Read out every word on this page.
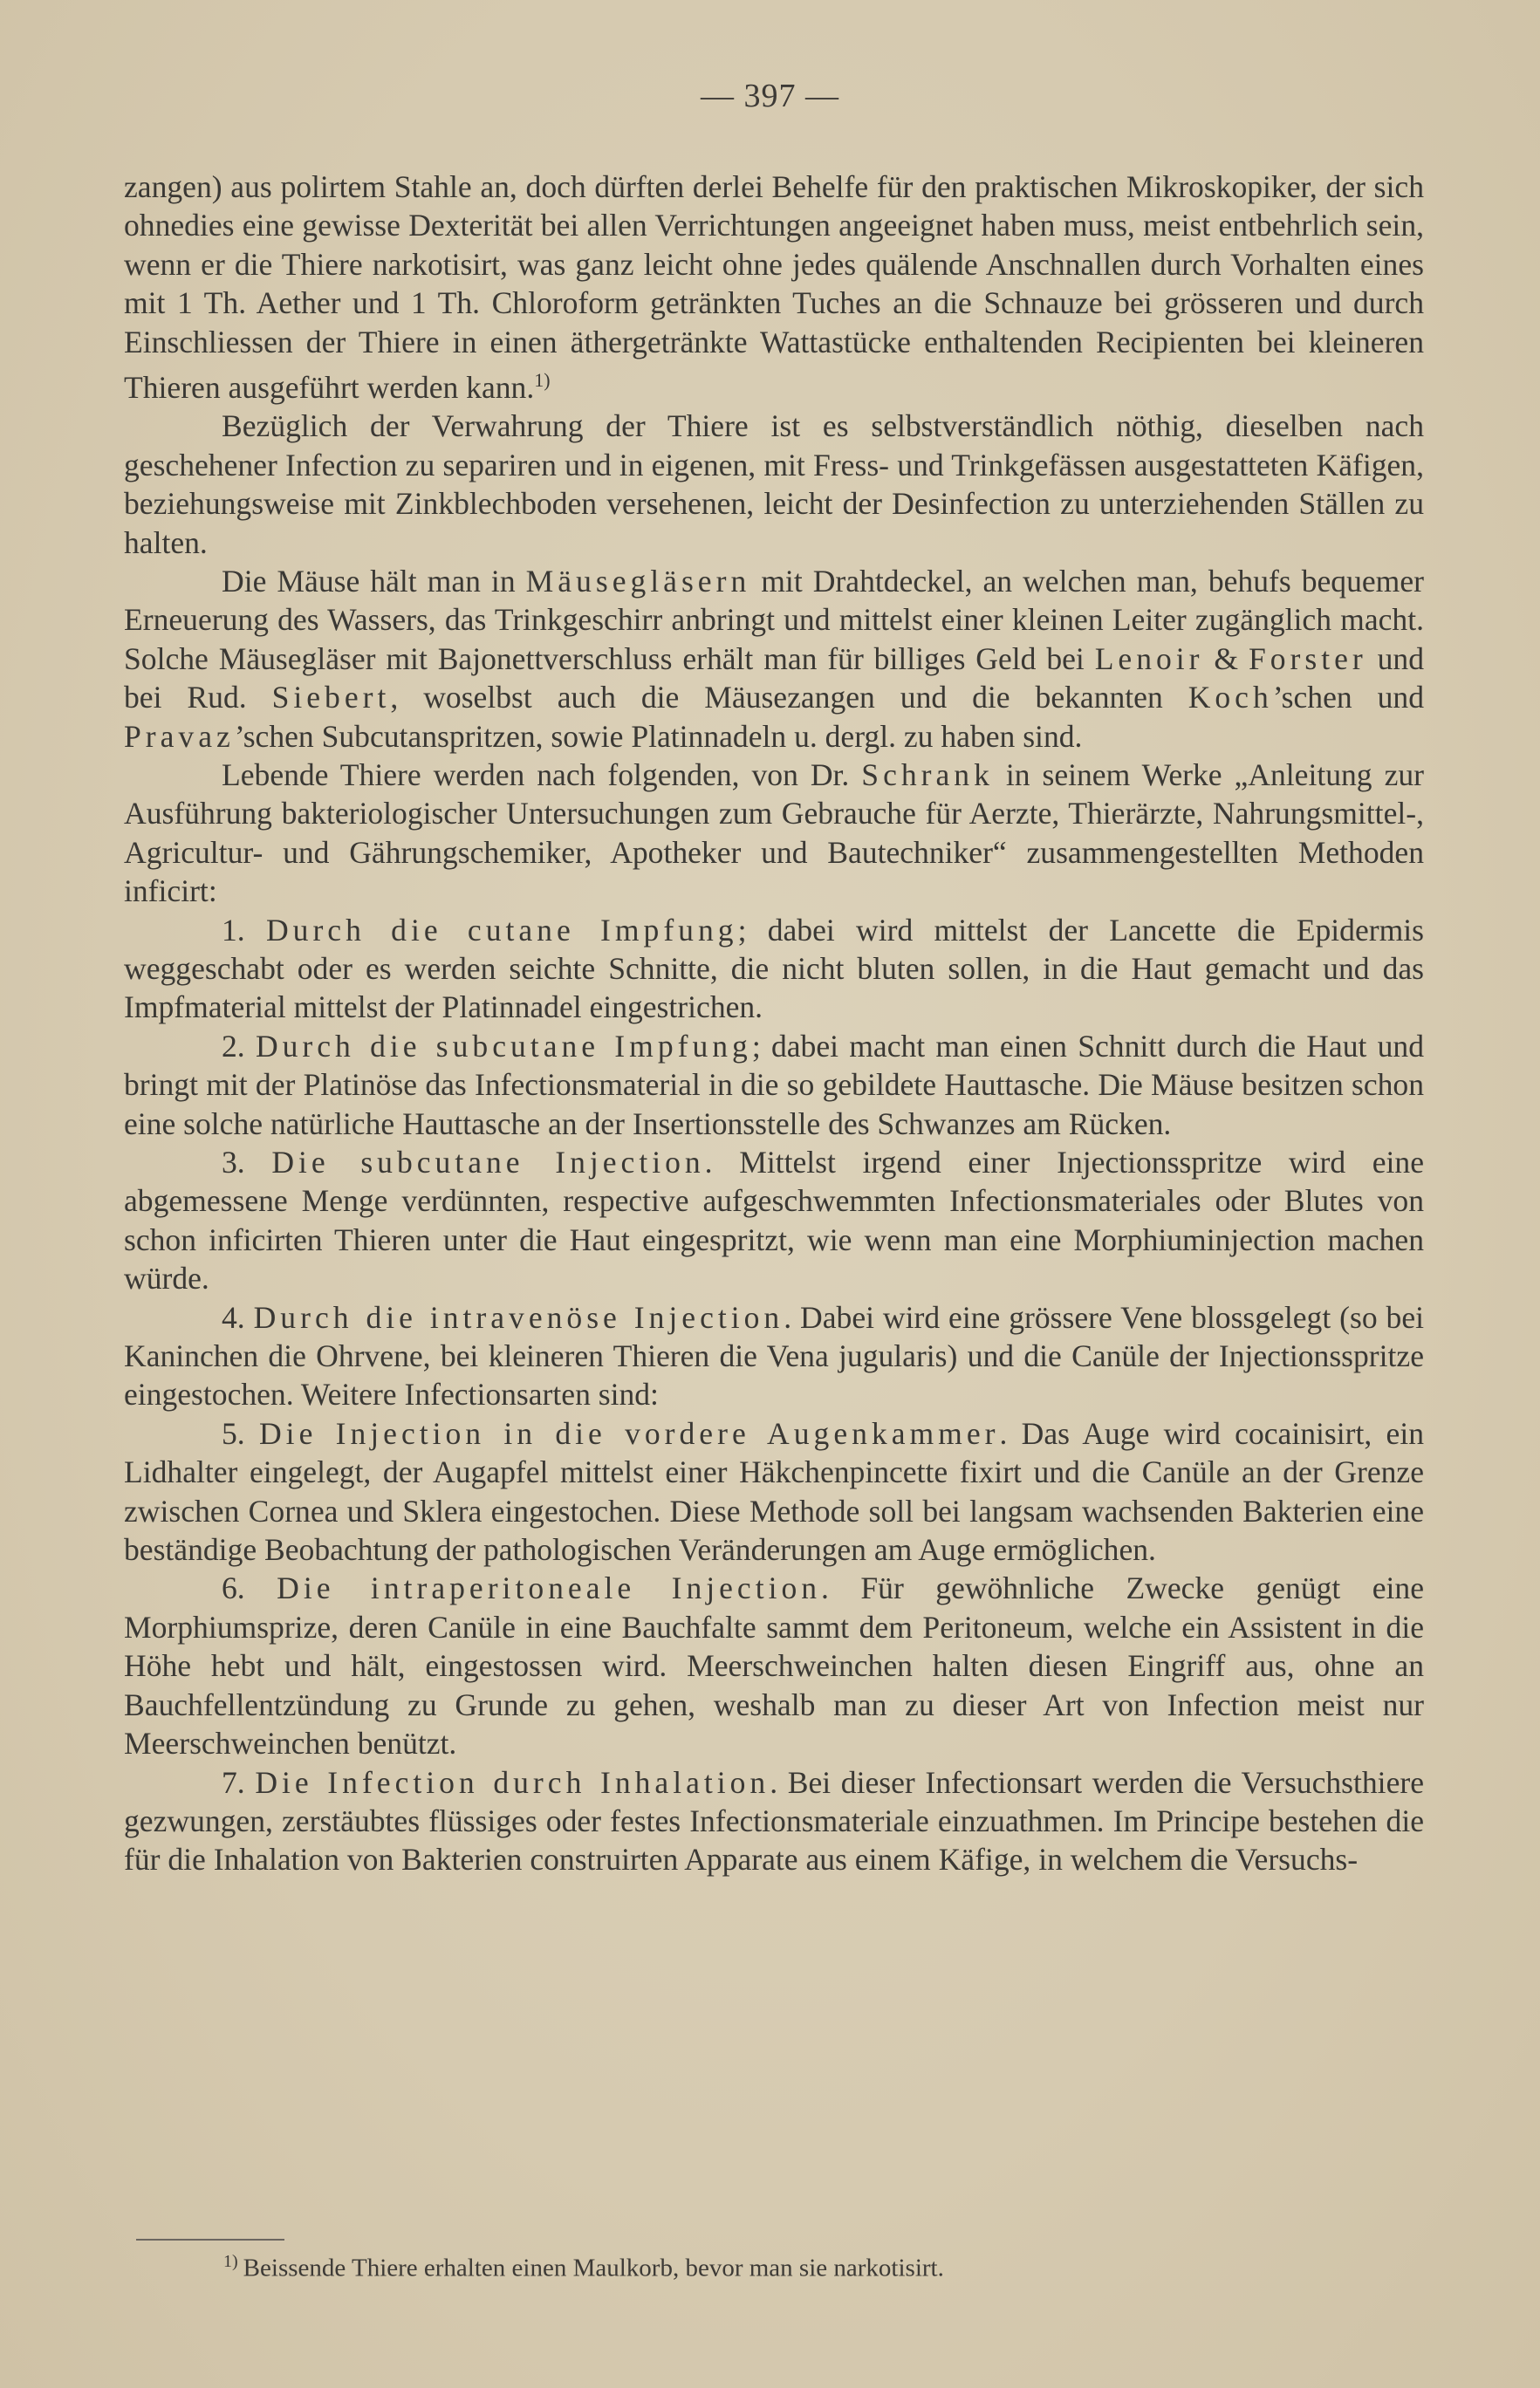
— 397 —

zangen) aus polirtem Stahle an, doch dürften derlei Behelfe für den praktischen Mikroskopiker, der sich ohnedies eine gewisse Dexterität bei allen Verrichtungen angeeignet haben muss, meist entbehrlich sein, wenn er die Thiere narkotisirt, was ganz leicht ohne jedes quälende Anschnallen durch Vorhalten eines mit 1 Th. Aether und 1 Th. Chloroform getränkten Tuches an die Schnauze bei grösseren und durch Einschliessen der Thiere in einen äthergetränkte Wattastücke enthaltenden Recipienten bei kleineren Thieren ausgeführt werden kann.$^{1)}$

Bezüglich der Verwahrung der Thiere ist es selbstverständlich nöthig, dieselben nach geschehener Infection zu separiren und in eigenen, mit Fress- und Trinkgefässen ausgestatteten Käfigen, beziehungsweise mit Zinkblechboden versehenen, leicht der Desinfection zu unterziehenden Ställen zu halten.

Die Mäuse hält man in Mäusegläsern mit Drahtdeckel, an welchen man, behufs bequemer Erneuerung des Wassers, das Trinkgeschirr anbringt und mittelst einer kleinen Leiter zugänglich macht. Solche Mäusegläser mit Bajonettverschluss erhält man für billiges Geld bei Lenoir & Forster und bei Rud. Siebert, woselbst auch die Mäusezangen und die bekannten Koch’schen und Pravaz’schen Subcutanspritzen, sowie Platinnadeln u. dergl. zu haben sind.

Lebende Thiere werden nach folgenden, von Dr. Schrank in seinem Werke „Anleitung zur Ausführung bakteriologischer Untersuchungen zum Gebrauche für Aerzte, Thierärzte, Nahrungsmittel-, Agricultur- und Gährungschemiker, Apotheker und Bautechniker“ zusammengestellten Methoden inficirt:

1. Durch die cutane Impfung; dabei wird mittelst der Lancette die Epidermis weggeschabt oder es werden seichte Schnitte, die nicht bluten sollen, in die Haut gemacht und das Impfmaterial mittelst der Platinnadel eingestrichen.

2. Durch die subcutane Impfung; dabei macht man einen Schnitt durch die Haut und bringt mit der Platinöse das Infectionsmaterial in die so gebildete Hauttasche. Die Mäuse besitzen schon eine solche natürliche Hauttasche an der Insertionsstelle des Schwanzes am Rücken.

3. Die subcutane Injection. Mittelst irgend einer Injectionsspritze wird eine abgemessene Menge verdünnten, respective aufgeschwemmten Infectionsmateriales oder Blutes von schon inficirten Thieren unter die Haut eingespritzt, wie wenn man eine Morphiuminjection machen würde.

4. Durch die intravenöse Injection. Dabei wird eine grössere Vene blossgelegt (so bei Kaninchen die Ohrvene, bei kleineren Thieren die Vena jugularis) und die Canüle der Injectionsspritze eingestochen. Weitere Infectionsarten sind:

5. Die Injection in die vordere Augenkammer. Das Auge wird cocainisirt, ein Lidhalter eingelegt, der Augapfel mittelst einer Häkchenpincette fixirt und die Canüle an der Grenze zwischen Cornea und Sklera eingestochen. Diese Methode soll bei langsam wachsenden Bakterien eine beständige Beobachtung der pathologischen Veränderungen am Auge ermöglichen.

6. Die intraperitoneale Injection. Für gewöhnliche Zwecke genügt eine Morphiumsprize, deren Canüle in eine Bauchfalte sammt dem Peritoneum, welche ein Assistent in die Höhe hebt und hält, eingestossen wird. Meerschweinchen halten diesen Eingriff aus, ohne an Bauchfellentzündung zu Grunde zu gehen, weshalb man zu dieser Art von Infection meist nur Meerschweinchen benützt.

7. Die Infection durch Inhalation. Bei dieser Infectionsart werden die Versuchsthiere gezwungen, zerstäubtes flüssiges oder festes Infectionsmateriale einzuathmen. Im Principe bestehen die für die Inhalation von Bakterien construirten Apparate aus einem Käfige, in welchem die Versuchs-

$^{1)}$ Beissende Thiere erhalten einen Maulkorb, bevor man sie narkotisirt.
